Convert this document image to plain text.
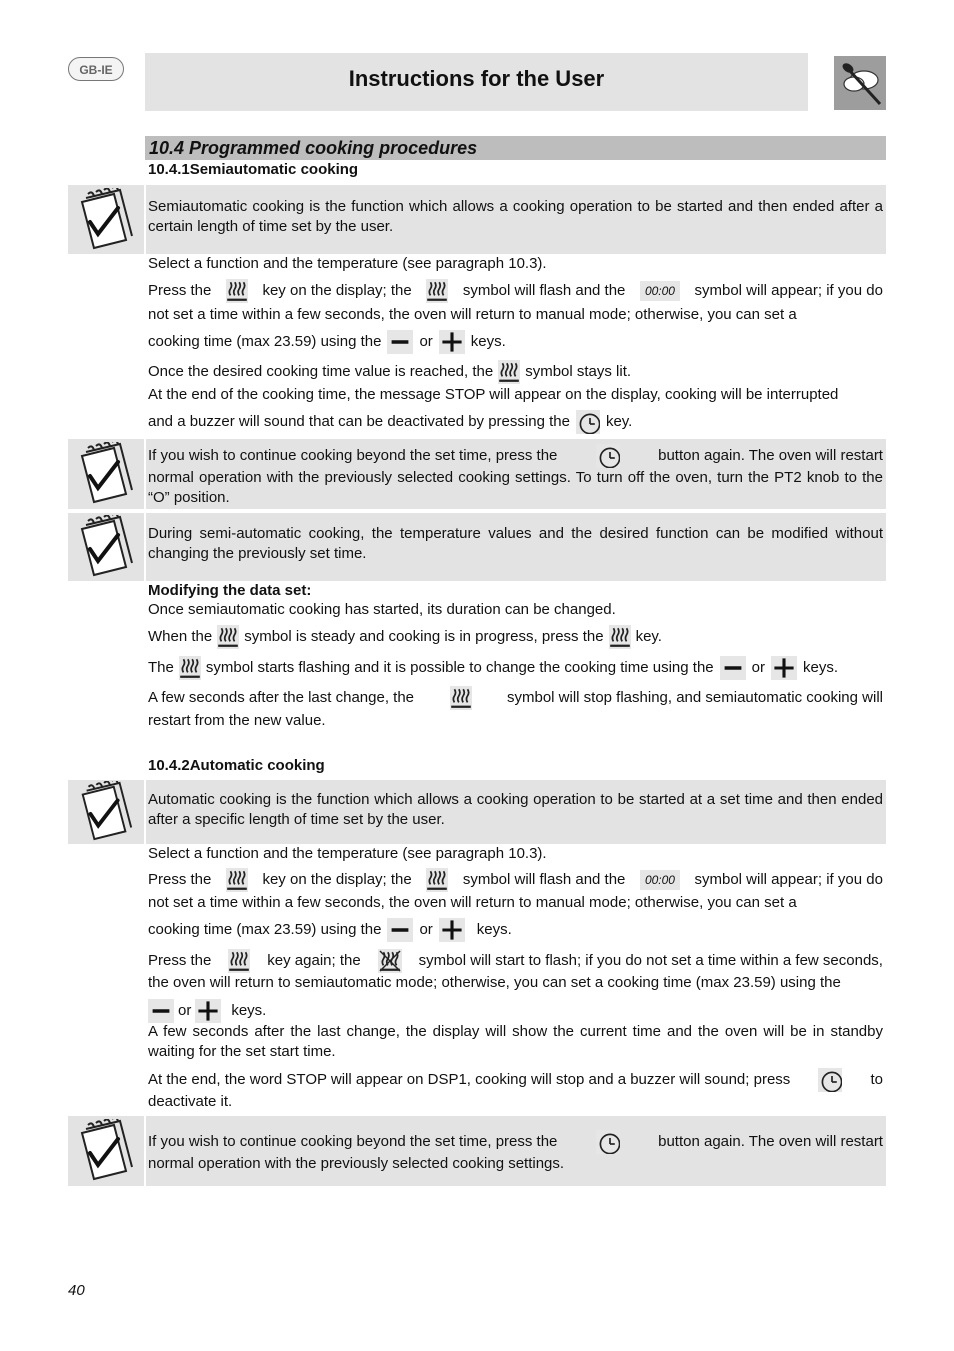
GB-IE	Instructions for the User
10.4 Programmed cooking procedures
10.4.1Semiautomatic cooking
Semiautomatic cooking is the function which allows a cooking operation to be started and then ended after a certain length of time set by the user.
Select a function and the temperature (see paragraph 10.3).
Press the	key on the display; the	symbol will flash and the	00:00	symbol will appear; if you do
not set a time within a few seconds, the oven will return to manual mode; otherwise, you can set a
cooking time (max 23.59) using the	or	keys.
Once the desired cooking time value is reached, the symbol stays lit.
At the end of the cooking time, the message STOP will appear on the display, cooking will be interrupted
and a buzzer will sound that can be deactivated by pressing the key.
If you wish to continue cooking beyond the set time, press the	button again. The oven will restart
normal operation with the previously selected cooking settings. To turn off the oven, turn the PT2 knob to the “O” position.
During semi-automatic cooking, the temperature values and the desired function can be modified without changing the previously set time.
Modifying the data set:
Once semiautomatic cooking has started, its duration can be changed.
When the symbol is steady and cooking is in progress, press the key.
The symbol starts flashing and it is possible to change the cooking time using the	or	keys.
A few seconds after the last change, the	symbol will stop flashing, and semiautomatic cooking will
restart from the new value.
10.4.2Automatic cooking
Automatic cooking is the function which allows a cooking operation to be started at a set time and then ended after a specific length of time set by the user.
Select a function and the temperature (see paragraph 10.3).
Press the	key on the display; the	symbol will flash and the	00:00	symbol will appear; if you do
not set a time within a few seconds, the oven will return to manual mode; otherwise, you can set a
cooking time (max 23.59) using the	or	keys.
Press the	key again; the	symbol will start to flash; if you do not set a time within a few seconds,
the oven will return to semiautomatic mode; otherwise, you can set a cooking time (max 23.59) using the
or	keys.
A few seconds after the last change, the display will show the current time and the oven will be in standby waiting for the set start time.
At the end, the word STOP will appear on DSP1, cooking will stop and a buzzer will sound; press	to
deactivate it.
If you wish to continue cooking beyond the set time, press the	button again. The oven will restart
normal operation with the previously selected cooking settings.
40
